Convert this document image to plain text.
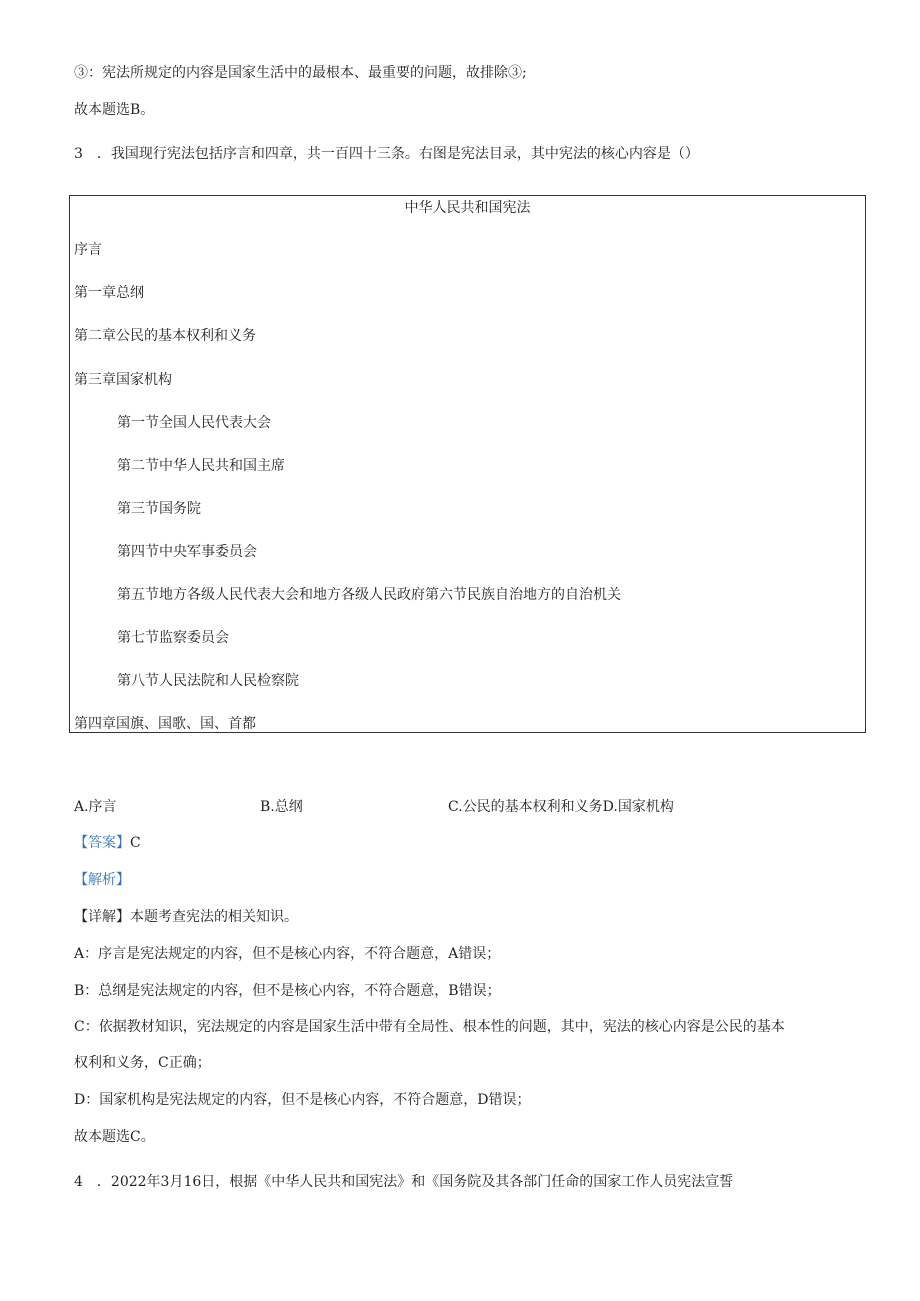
③：宪法所规定的内容是国家生活中的最根本、最重要的问题，故排除③;
故本题选B。
3　．我国现行宪法包括序言和四章，共一百四十三条。右图是宪法目录，其中宪法的核心内容是（）
中华人民共和国宪法
序言
第一章总纲
第二章公民的基本权利和义务
第三章国家机构
第一节全国人民代表大会
第二节中华人民共和国主席
第三节国务院
第四节中央军事委员会
第五节地方各级人民代表大会和地方各级人民政府第六节民族自治地方的自治机关
第七节监察委员会
第八节人民法院和人民检察院
第四章国旗、国歌、国、首都
A.序言	B.总纲	C.公民的基本权利和义务D.国家机构
【答案】C
【解析】
【详解】本题考查宪法的相关知识。
A：序言是宪法规定的内容，但不是核心内容，不符合题意，A错误；
B：总纲是宪法规定的内容，但不是核心内容，不符合题意，B错误；
C：依据教材知识，宪法规定的内容是国家生活中带有全局性、根本性的问题，其中，宪法的核心内容是公民的基本
权利和义务，C正确；
D：国家机构是宪法规定的内容，但不是核心内容，不符合题意，D错误；
故本题选C。
4　．2022年3月16日，根据《中华人民共和国宪法》和《国务院及其各部门任命的国家工作人员宪法宣誓
